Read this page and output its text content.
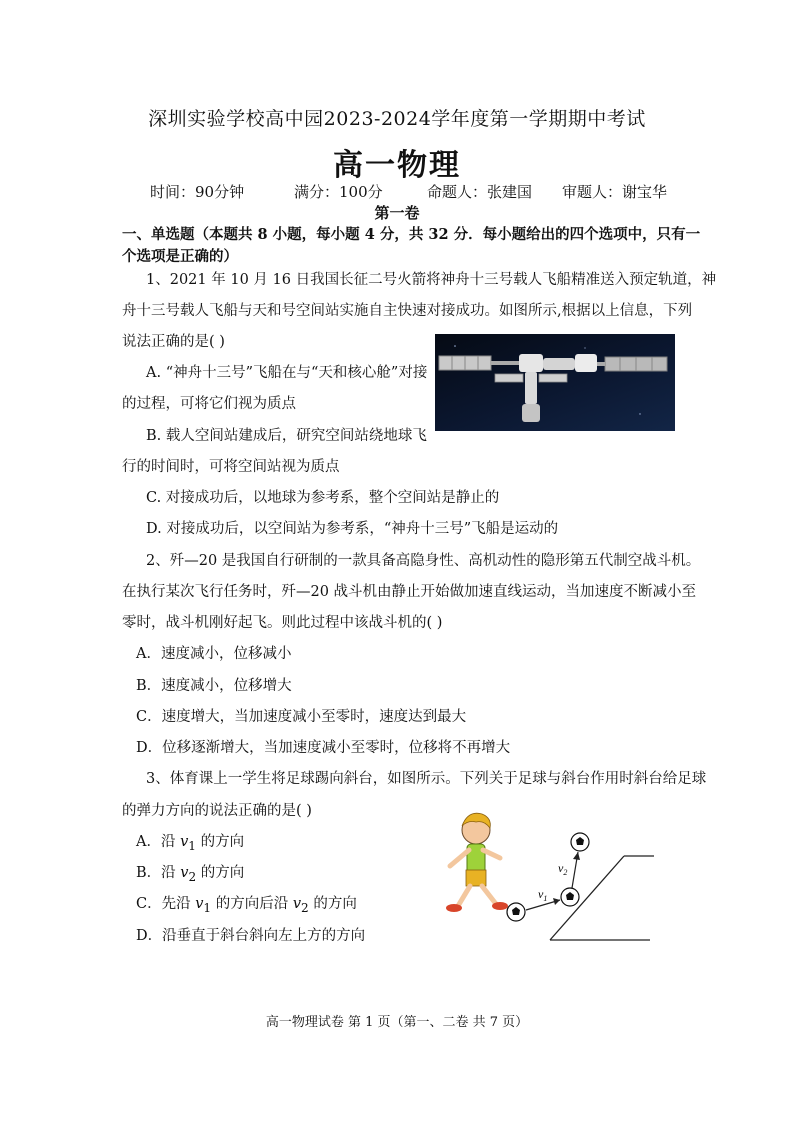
深圳实验学校高中园2023-2024学年度第一学期期中考试
高一物理
时间：90分钟	满分：100分	命题人：张建国 审题人：谢宝华
第一卷
一、单选题（本题共 8 小题，每小题 4 分，共 32 分．每小题给出的四个选项中，只有一
个选项是正确的）
1、2021 年 10 月 16 日我国长征二号火箭将神舟十三号载人飞船精准送入预定轨道，神
舟十三号载人飞船与天和号空间站实施自主快速对接成功。如图所示,根据以上信息，下列
说法正确的是( )
A. “神舟十三号”飞船在与“天和核心舱”对接
的过程，可将它们视为质点
B. 载人空间站建成后，研究空间站绕地球飞
行的时间时，可将空间站视为质点
C. 对接成功后，以地球为参考系，整个空间站是静止的
D. 对接成功后，以空间站为参考系，“神舟十三号”飞船是运动的
2、歼—20 是我国自行研制的一款具备高隐身性、高机动性的隐形第五代制空战斗机。
在执行某次飞行任务时，歼—20 战斗机由静止开始做加速直线运动，当加速度不断减小至
零时，战斗机刚好起飞。则此过程中该战斗机的( )
A．速度减小，位移减小
B．速度减小，位移增大
C．速度增大，当加速度减小至零时，速度达到最大
D．位移逐渐增大，当加速度减小至零时，位移将不再增大
3、体育课上一学生将足球踢向斜台，如图所示。下列关于足球与斜台作用时斜台给足球
的弹力方向的说法正确的是( )
A．沿 $v_1$ 的方向
B．沿 $v_2$ 的方向
C．先沿 $v_1$ 的方向后沿 $v_2$ 的方向
D．沿垂直于斜台斜向左上方的方向
$v_1$
$v_2$
高一物理试卷 第 1 页（第一、二卷 共 7 页）
